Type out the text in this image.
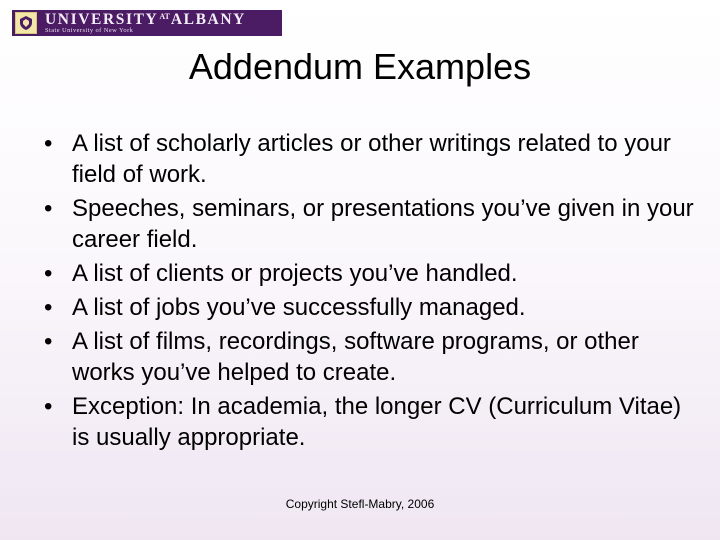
$UNIVERSITY^{AT}ALBANY$
State University of New York
Addendum Examples
• A list of scholarly articles or other writings related to your field of work.
• Speeches, seminars, or presentations you’ve given in your career field.
• A list of clients or projects you’ve handled.
• A list of jobs you’ve successfully managed.
• A list of films, recordings, software programs, or other works you’ve helped to create.
• Exception: In academia, the longer CV (Curriculum Vitae) is usually appropriate.
Copyright Stefl-Mabry, 2006
